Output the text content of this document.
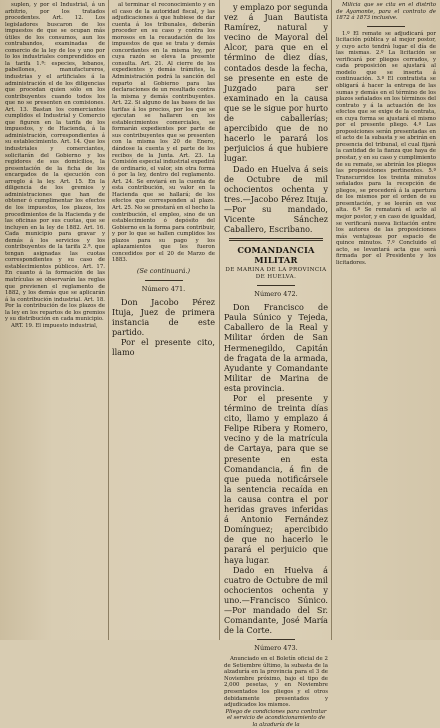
suplen, y por el Industrial, á un arbitrio, por los tratados procedentes. Art. 12. Los legisladores buscaron de los impuestos de que se ocupan más útiles de los consumos, aun los contrabandos, examinadas de comercio de la ley de los y uno por lo los industriales comprendidos en la tarifa 1.ª: especies, lebanos, pabellones, manufactureros, industrias y el artificiales á la administración el de los diligencias que procedan quien sólo en los contribuyentes cuando todos los que no se presenten en comisiones. Art. 13. Bastan los comerciantes cumplidos el Industrial y Comercio que figuren en la tarifa de los impuestos, y de Hacienda, á la administración, correspondientes á su establecimiento. Art. 14. Que los industriales y comerciantes, solicitarán del Gobierno y los regidores de sus domicilios, la presentación de la ficha de los encargados de la ejecución con arreglo á la ley. Art. 15. En la diligencia de los gremios y administraciones que han de obtener ó cumplimentar los efectos de los impuestos, los plazos, los procedimientos de la Hacienda y de las oficinas por sus cuotas, que se incluyen en la ley de 1882. Art. 16. Cada municipio para gravar y demás á los servicios y los contribuyentes de la tarifa 2.ª. que tengan asignadas las cuotas correspondientes y su caso de establecimientos públicos. Art. 17. En cuanto á la formación de las matrículas se observarán las reglas que previenen el reglamento de 1882, y los demás que se aplicarán á la contribución industrial. Art. 18. Por la contribución de los plazos de la ley en los repartos de los gremios y su distribución en cada municipio.

ART. 19. El impuesto industrial,

al terminar el reconocimiento y en el caso de la autoridad fiscal, y las adjudicaciones á que hubiese de dar cuenta á los tribunales, deberán proceder en su caso y contra los morosos en la recaudación de los impuestos de que se trata y demás concordantes en la misma ley, por cuya razón se eleva la presente consulta. Art. 21. Al cierre de los expedientes y demás trámites, la Administración podrá la sanción del reparto al Gobierno para las declaraciones de un resultado contra la misma y demás contribuyentes. Art. 22. Si alguno de las bases de las tarifas á los precios, por los que se ejecutan se hallaren en los establecimientos comerciales, se formarán expedientes por parte de sus contribuyentes que se presenten con la misma los 20 de Enero, dándose la cuenta y el parte de los recibos de la Junta. Art. 23. La Comisión especial industrial expedirá de ordinario, el valor, sin otra forma ó por la ley, dentro del reglamento. Art. 24. Se enviará en la cuenta de esta contribución, su valor en la Hacienda que se hallará; de los efectos que corresponden al plazo. Art. 25. No se prestará en el hecho la contribución, el empleo, sino de un establecimiento ó depósito del Gobierno en la forma para contribuir, y por lo que se hallen cumplidos los plazos para su pago y los aplazamientos que les fueron concedidos por el 20 de Marzo de 1883.

(Se continuará.)
Número 471.

Don Jacobo Pérez Ituja, Juez de primera instancia de este partido.

Por el presente cito, llamo

y emplazo por segunda vez á Juan Bautista Ramírez, natural y vecino de Mayoral del Alcor, para que en el término de diez días, contados desde la fecha, se presente en este de Juzgado para ser examinado en la causa que se le sigue por hurto de caballerías; apercibido que de no hacerlo le parará los perjuicios á que hubiere lugar.

Dado en Huelva á seis de Octubre de mil ochocientos ochenta y tres.—Jacobo Pérez Ituja.—Por su mandado, Vicente Sánchez Caballero, Escribano.

COMANDANCIA MILITAR
DE MARINA DE LA PROVINCIA DE HUELVA.
Número 472.

Don Francisco de Paula Súnico y Tejeda, Caballero de la Real y Militar órden de San Hermenegildo, Capitán de fragata de la armada, Ayudante y Comandante Militar de Marina de esta provincia.

Por el presente y término de treinta días cito, llamo y emplazo á Felipe Ribera y Romero, vecino y de la matrícula de Cartaya, para que se presente en esta Comandancia, á fin de que pueda notificársele la sentencia recaída en la causa contra el por heridas graves inferidas á Antonio Fernández Domínguez; apercibido de que no hacerlo le parará el perjuicio que haya lugar.

Dado en Huelva á cuatro de Octubre de mil ochocientos ochenta y uno.—Francisco Súnico.—Por mandado del Sr. Comandante, José María de la Corte.

Número 473.

Anunciado en el Boletín oficial de 2 de Setiembre último, la subasta de la alzaduría en la provincia para el 3 de Noviembre próximo, bajo el tipo de 2,000 pesetas, y en Noviembre presentados los pliegos y el otros debidamente presentados y adjudicados los mismos.

Pliego de condiciones para contratar el servicio de acondicionamiento de la alzaduría de la

Milicia que se cita en el distrito de Ayamonte, para el contrato de 1872 á 1873 inclusive.

1.º El remate se adjudicará por licitación pública y al mejor postor, y cuyo acto tendrá lugar el día de las mismas. 2.º La licitación se verificará por pliegos cerrados, y cada proposición se ajustará al modelo que se inserta á continuación. 3.º El contratista se obligará á hacer la entrega de las sumas y demás en el término de los plazos señalados en los términos del contrato y á la actuación de los efectos que se exige de la contrata, en cuya forma se ajustará el mismo por el presente pliego. 4.º Las proposiciones serán presentadas en el acto de la subasta y se abrirán en presencia del tribunal, el cual fijará la cantidad de la fianza que haya de prestar, y en su caso y cumplimiento de su remate, se abrirán los pliegos las proposiciones pertinentes. 5.º Transcurridos los treinta minutos señalados para la recepción de pliegos, se procederá á la apertura de los mismos por el orden de su presentación, y se leerán en voz alta. 6.º Se rematará el acto al mejor postor, y en caso de igualdad, se verificará nueva licitación entre los autores de las proposiciones más ventajosas por espacio de quince minutos. 7.º Concluido el acto, se levantará acta que será firmada por el Presidente y los licitadores.
